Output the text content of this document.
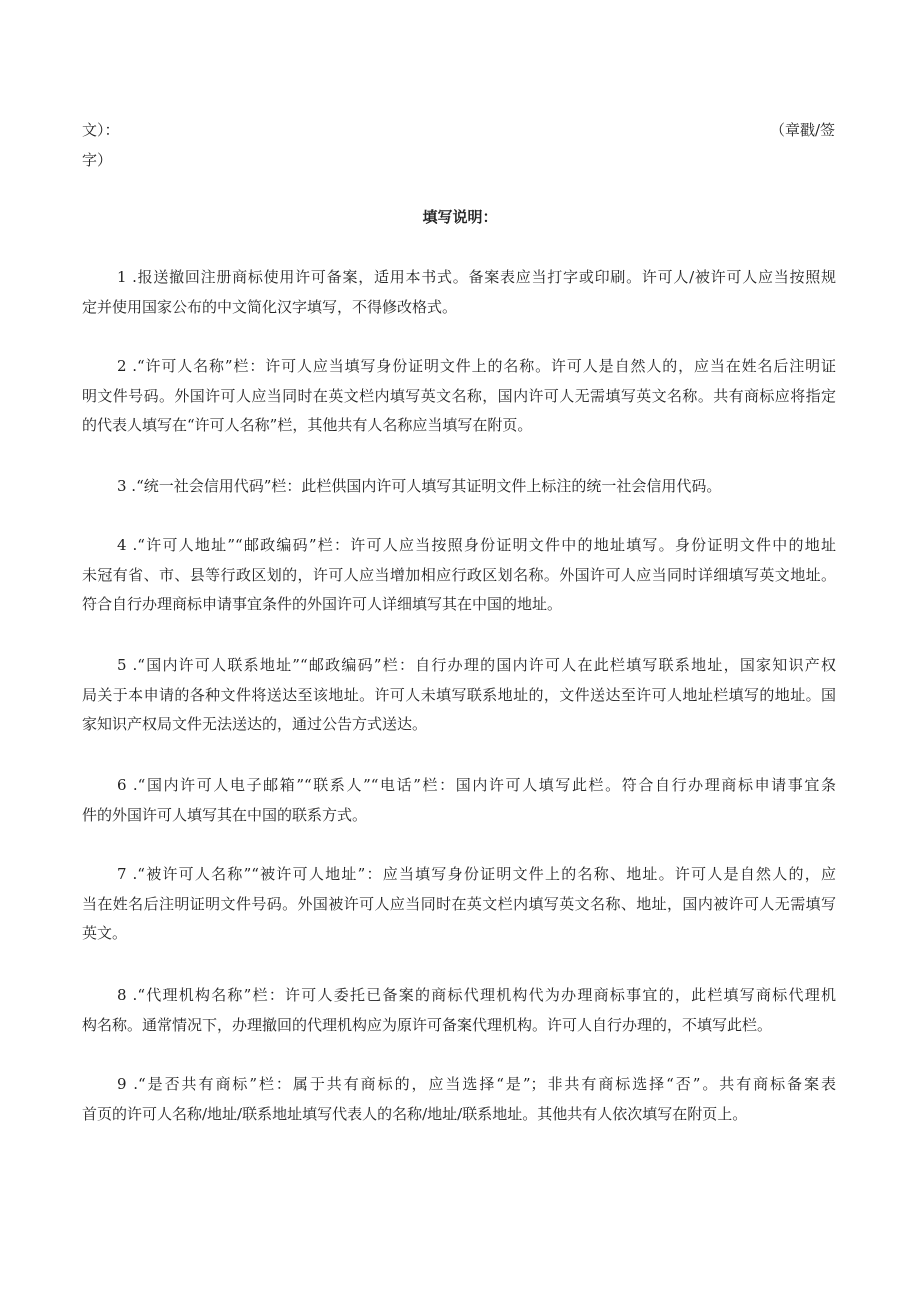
文）：
字）
（章戳/签
填写说明：
1 .报送撤回注册商标使用许可备案，适用本书式。备案表应当打字或印刷。许可人/被许可人应当按照规
定并使用国家公布的中文简化汉字填写，不得修改格式。
2 .“许可人名称”栏：许可人应当填写身份证明文件上的名称。许可人是自然人的，应当在姓名后注明证
明文件号码。外国许可人应当同时在英文栏内填写英文名称，国内许可人无需填写英文名称。共有商标应将指定
的代表人填写在“许可人名称”栏，其他共有人名称应当填写在附页。
3 .“统一社会信用代码”栏：此栏供国内许可人填写其证明文件上标注的统一社会信用代码。
4 .“许可人地址”“邮政编码”栏：许可人应当按照身份证明文件中的地址填写。身份证明文件中的地址
未冠有省、市、县等行政区划的，许可人应当增加相应行政区划名称。外国许可人应当同时详细填写英文地址。
符合自行办理商标申请事宜条件的外国许可人详细填写其在中国的地址。
5 .“国内许可人联系地址”“邮政编码”栏：自行办理的国内许可人在此栏填写联系地址，国家知识产权
局关于本申请的各种文件将送达至该地址。许可人未填写联系地址的，文件送达至许可人地址栏填写的地址。国
家知识产权局文件无法送达的，通过公告方式送达。
6 .“国内许可人电子邮箱”“联系人”“电话”栏：国内许可人填写此栏。符合自行办理商标申请事宜条
件的外国许可人填写其在中国的联系方式。
7 .“被许可人名称”“被许可人地址”：应当填写身份证明文件上的名称、地址。许可人是自然人的，应
当在姓名后注明证明文件号码。外国被许可人应当同时在英文栏内填写英文名称、地址，国内被许可人无需填写
英文。
8 .“代理机构名称”栏：许可人委托已备案的商标代理机构代为办理商标事宜的，此栏填写商标代理机
构名称。通常情况下，办理撤回的代理机构应为原许可备案代理机构。许可人自行办理的，不填写此栏。
9 .“是否共有商标”栏：属于共有商标的，应当选择“是”；非共有商标选择“否”。共有商标备案表
首页的许可人名称/地址/联系地址填写代表人的名称/地址/联系地址。其他共有人依次填写在附页上。
